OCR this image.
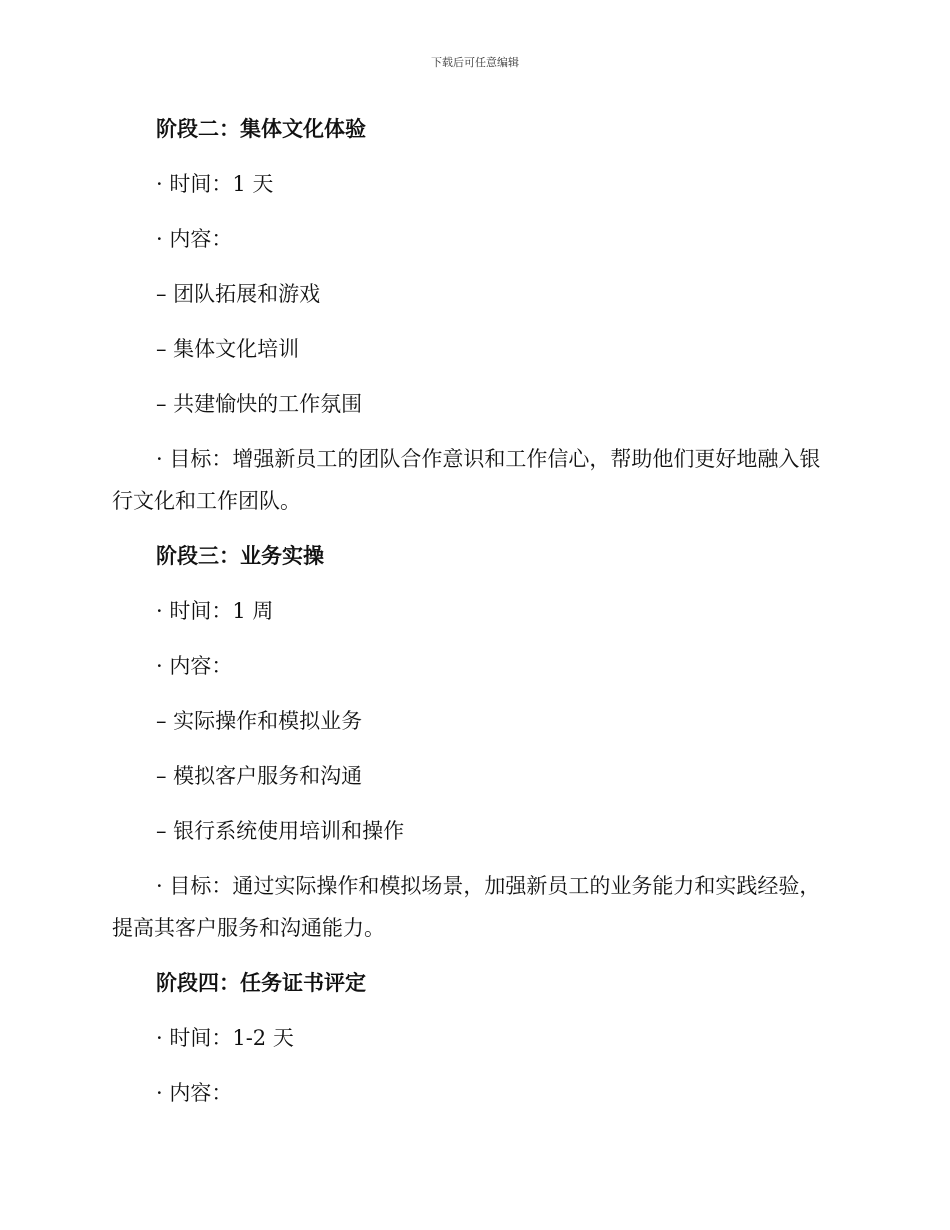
下载后可任意编辑

阶段二：集体文化体验

· 时间：1 天

· 内容：

– 团队拓展和游戏

– 集体文化培训

– 共建愉快的工作氛围

· 目标：增强新员工的团队合作意识和工作信心，帮助他们更好地融入银行文化和工作团队。

阶段三：业务实操

· 时间：1 周

· 内容：

– 实际操作和模拟业务

– 模拟客户服务和沟通

– 银行系统使用培训和操作

· 目标：通过实际操作和模拟场景，加强新员工的业务能力和实践经验，提高其客户服务和沟通能力。

阶段四：任务证书评定

· 时间：1-2 天

· 内容：
